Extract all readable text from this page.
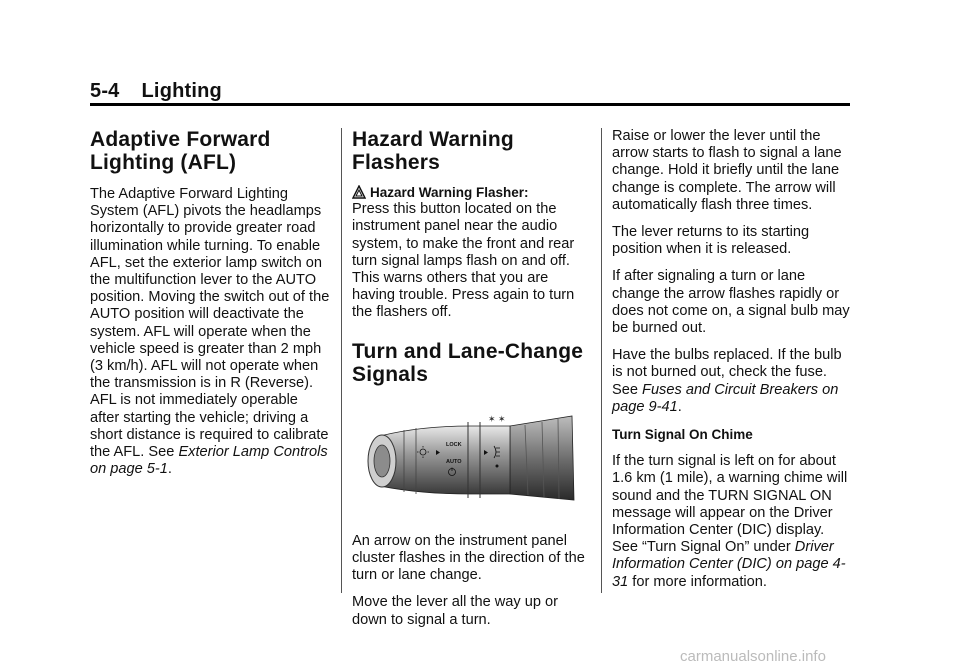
5-4 Lighting
Adaptive Forward Lighting (AFL)

The Adaptive Forward Lighting System (AFL) pivots the headlamps horizontally to provide greater road illumination while turning. To enable AFL, set the exterior lamp switch on the multifunction lever to the AUTO position. Moving the switch out of the AUTO position will deactivate the system. AFL will operate when the vehicle speed is greater than 2 mph (3 km/h). AFL will not operate when the transmission is in R (Reverse). AFL is not immediately operable after starting the vehicle; driving a short distance is required to calibrate the AFL. See Exterior Lamp Controls on page 5-1.

Hazard Warning Flashers

Hazard Warning Flasher:
Press this button located on the instrument panel near the audio system, to make the front and rear turn signal lamps flash on and off. This warns others that you are having trouble. Press again to turn the flashers off.

Turn and Lane-Change Signals
LOCK
AUTO
✶ ✶

An arrow on the instrument panel cluster flashes in the direction of the turn or lane change.

Move the lever all the way up or down to signal a turn.

Raise or lower the lever until the arrow starts to flash to signal a lane change. Hold it briefly until the lane change is complete. The arrow will automatically flash three times.

The lever returns to its starting position when it is released.

If after signaling a turn or lane change the arrow flashes rapidly or does not come on, a signal bulb may be burned out.

Have the bulbs replaced. If the bulb is not burned out, check the fuse. See Fuses and Circuit Breakers on page 9-41.

Turn Signal On Chime

If the turn signal is left on for about 1.6 km (1 mile), a warning chime will sound and the TURN SIGNAL ON message will appear on the Driver Information Center (DIC) display. See “Turn Signal On” under Driver Information Center (DIC) on page 4-31 for more information.

carmanualsonline.info
